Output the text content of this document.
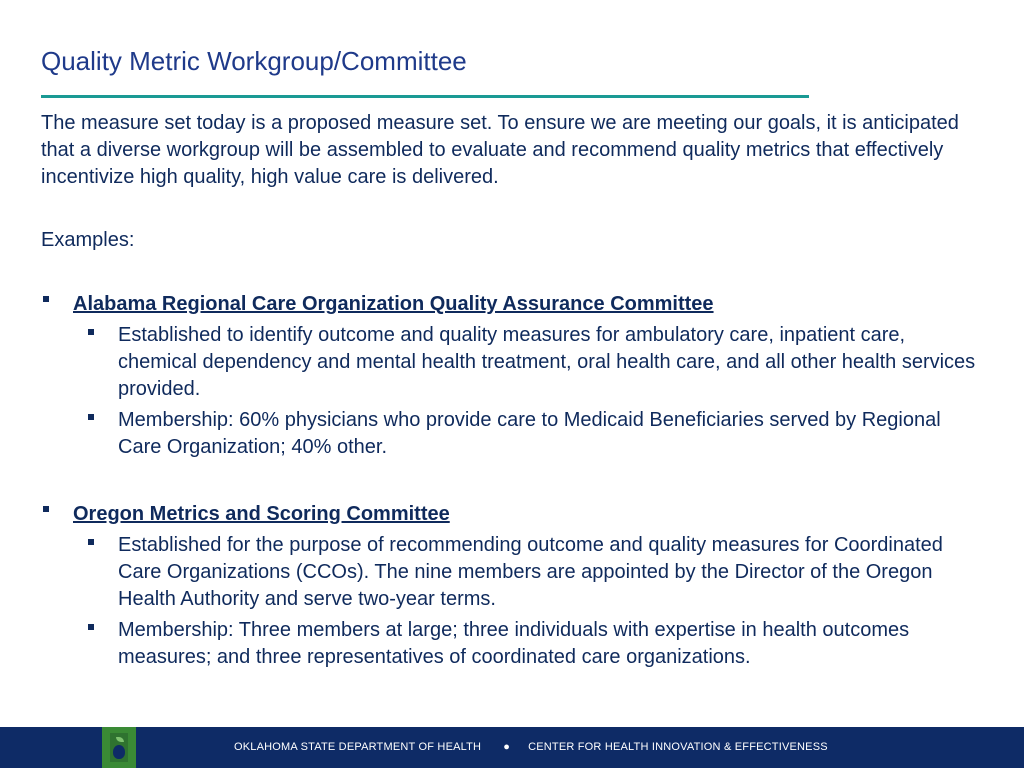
Quality Metric Workgroup/Committee

The measure set today is a proposed measure set. To ensure we are meeting our goals, it is anticipated that a diverse workgroup will be assembled to evaluate and recommend quality metrics that effectively incentivize high quality, high value care is delivered.

Examples:

Alabama Regional Care Organization Quality Assurance Committee
Established to identify outcome and quality measures for ambulatory care, inpatient care, chemical dependency and mental health treatment, oral health care, and all other health services provided.
Membership: 60% physicians who provide care to Medicaid Beneficiaries served by Regional Care Organization; 40% other.
Oregon Metrics and Scoring Committee
Established for the purpose of recommending outcome and quality measures for Coordinated Care Organizations (CCOs). The nine members are appointed by the Director of the Oregon Health Authority and serve two-year terms.
Membership: Three members at large; three individuals with expertise in health outcomes measures; and three representatives of coordinated care organizations.
OKLAHOMA STATE DEPARTMENT OF HEALTH ● CENTER FOR HEALTH INNOVATION & EFFECTIVENESS
